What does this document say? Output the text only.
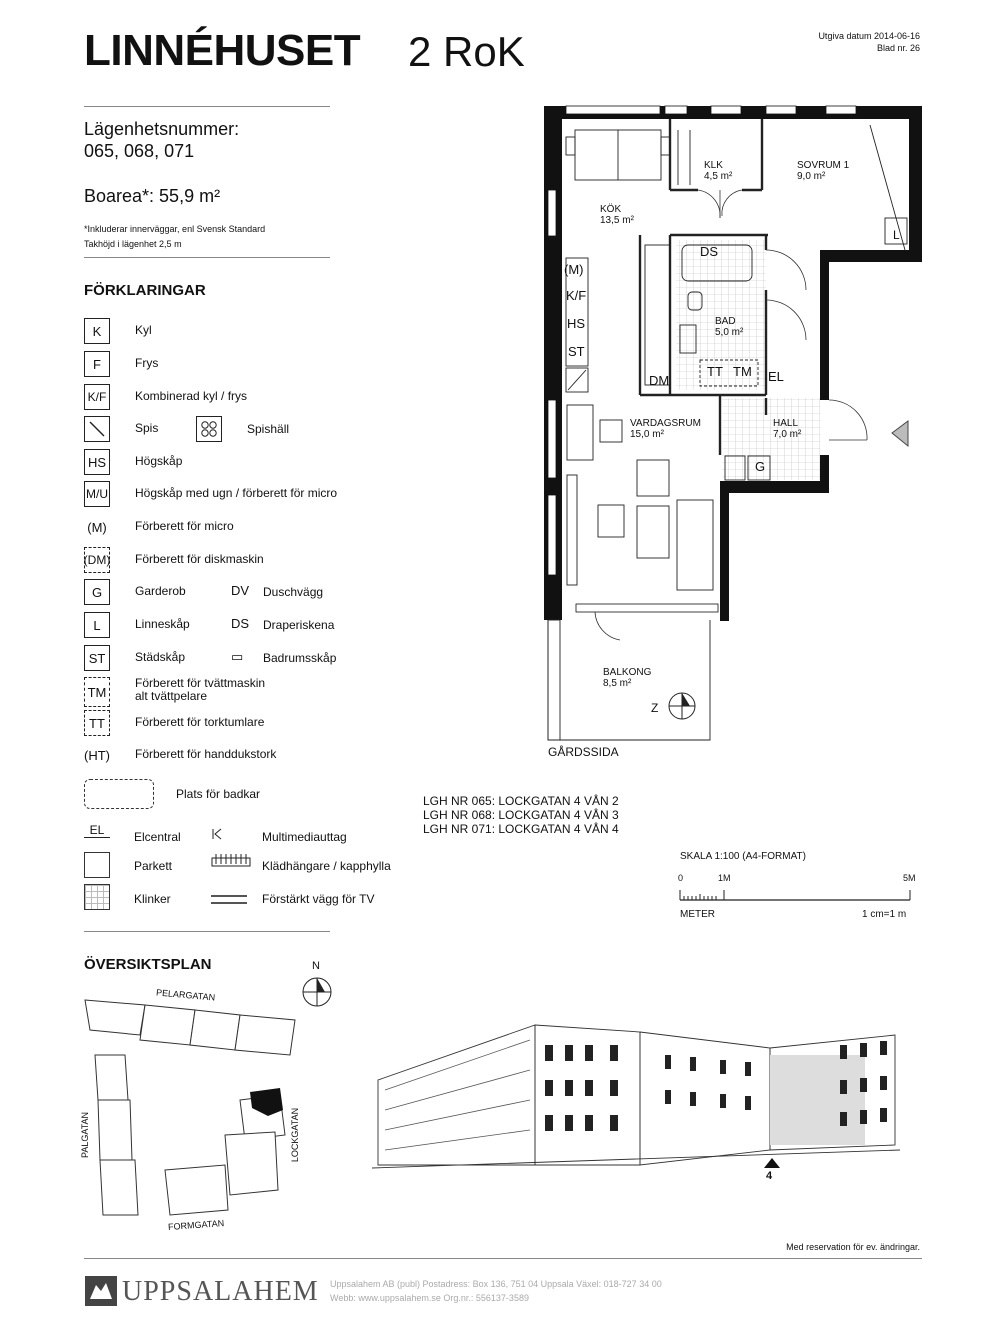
LINNÉHUSET 2 RoK	Utgiva datum 2014-06-16
Blad nr. 26
Lägenhetsnummer:
065, 068, 071
Boarea*: 55,9 m²
*Inkluderar innerväggar, enl Svensk Standard
Takhöjd i lägenhet 2,5 m
FÖRKLARINGAR
K	Kyl
F	Frys
K/F	Kombinerad kyl / frys
Spis	Spishäll
HS	Högskåp
M/U Högskåp med ugn / förberett för micro
(M) Förberett för micro
(DM) Förberett för diskmaskin
G	Garderob	DV Duschvägg
L	Linneskåp	DS Draperiskena
ST	Städskåp	▭ Badrumsskåp
TM
Förberett för tvättmaskin
alt tvättpelare
TT	Förberett för torktumlare
(HT) Förberett för handdukstork
Plats för badkar
EL	Elcentral	Multimediauttag
Parkett	Klädhängare / kapphylla
Klinker	Förstärkt vägg för TV
KLK
4,5 m²
SOVRUM 1
9,0 m²
KÖK
13,5 m²
BAD
5,0 m²
VARDAGSRUM
15,0 m²
HALL
7,0 m²
BALKONG
8,5 m²
(M)
K/F
HS
ST
DS
DM
TT TM EL
L
G
Z
GÅRDSSIDA
LGH NR 065: LOCKGATAN 4 VÅN 2
LGH NR 068: LOCKGATAN 4 VÅN 3
LGH NR 071: LOCKGATAN 4 VÅN 4
SKALA 1:100 (A4-FORMAT)
0	1M	5M
METER	1 cm=1 m
ÖVERSIKTSPLAN	N
PELARGATAN
PALGATAN	LOCKGATAN
FORMGATAN
4
Med reservation för ev. ändringar.
UPPSALAHEM Uppsalahem AB (publ) Postadress: Box 136, 751 04 Uppsala Växel: 018-727 34 00
Webb: www.uppsalahem.se Org.nr.: 556137-3589
